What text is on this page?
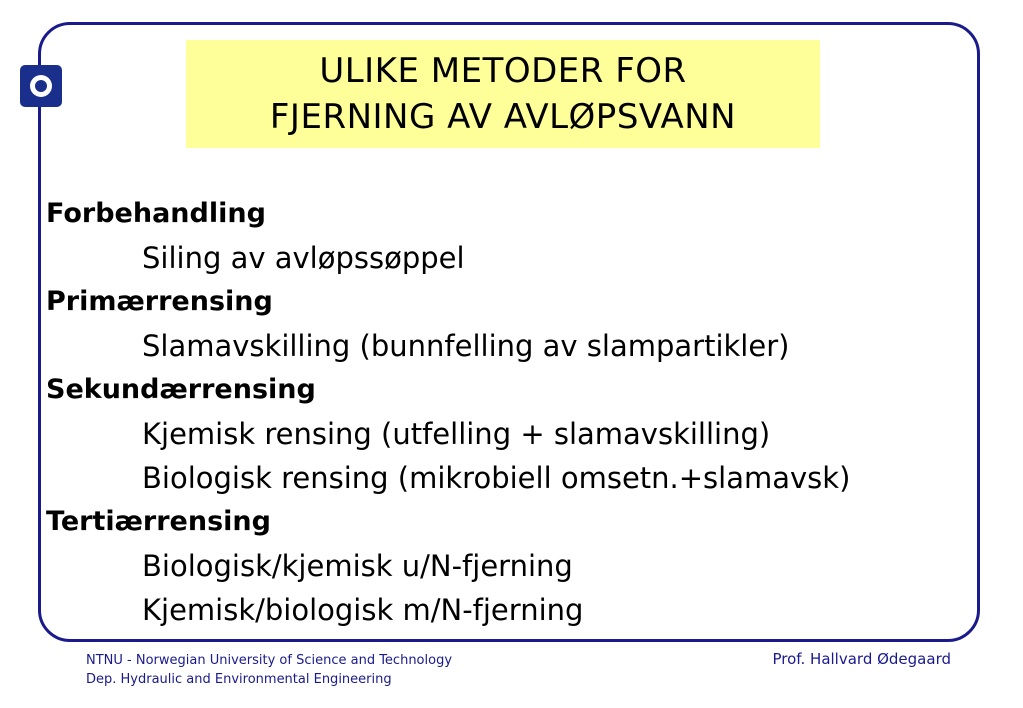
ULIKE METODER FOR
FJERNING AV AVLØPSVANN
Forbehandling
Siling av avløpssøppel
Primærrensing
Slamavskilling (bunnfelling av slampartikler)
Sekundærrensing
Kjemisk rensing (utfelling + slamavskilling)
Biologisk rensing (mikrobiell omsetn.+slamavsk)
Tertiærrensing
Biologisk/kjemisk u/N-fjerning
Kjemisk/biologisk m/N-fjerning
NTNU - Norwegian University of Science and Technology
Dep. Hydraulic and Environmental Engineering
Prof. Hallvard Ødegaard
